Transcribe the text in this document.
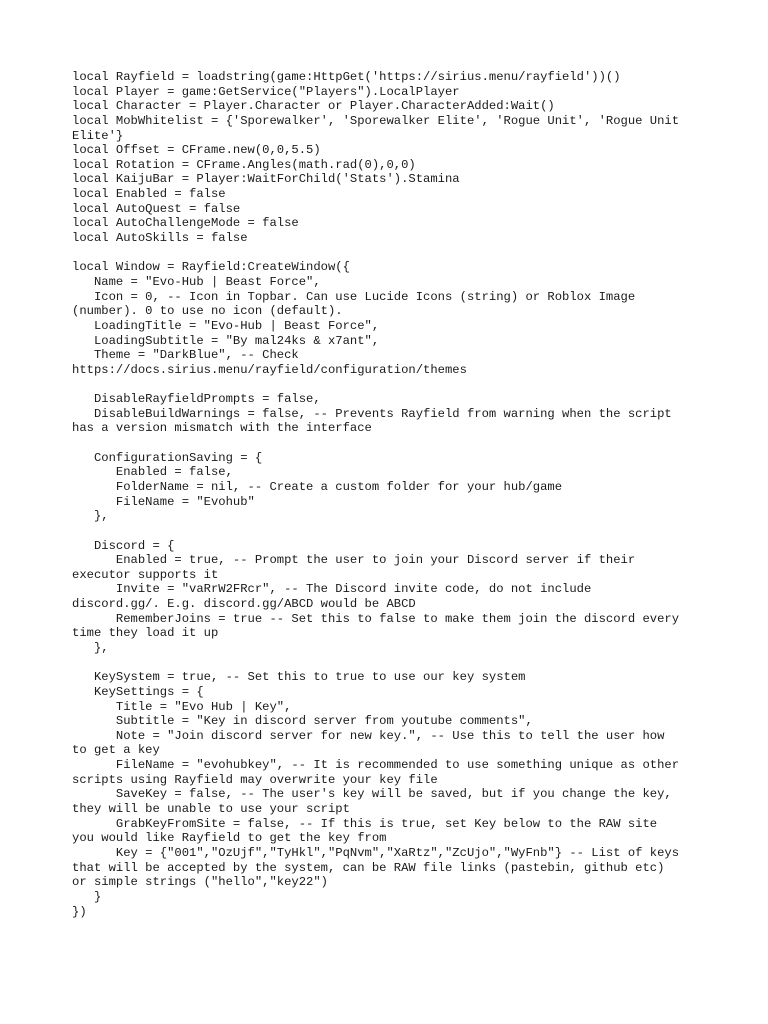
local Rayfield = loadstring(game:HttpGet('https://sirius.menu/rayfield'))()
local Player = game:GetService("Players").LocalPlayer
local Character = Player.Character or Player.CharacterAdded:Wait()
local MobWhitelist = {'Sporewalker', 'Sporewalker Elite', 'Rogue Unit', 'Rogue Unit
Elite'}
local Offset = CFrame.new(0,0,5.5)
local Rotation = CFrame.Angles(math.rad(0),0,0)
local KaijuBar = Player:WaitForChild('Stats').Stamina
local Enabled = false
local AutoQuest = false
local AutoChallengeMode = false
local AutoSkills = false
local Window = Rayfield:CreateWindow({
Name = "Evo-Hub | Beast Force",
Icon = 0, -- Icon in Topbar. Can use Lucide Icons (string) or Roblox Image
(number). 0 to use no icon (default).
LoadingTitle = "Evo-Hub | Beast Force",
LoadingSubtitle = "By mal24ks & x7ant",
Theme = "DarkBlue", -- Check
https://docs.sirius.menu/rayfield/configuration/themes
DisableRayfieldPrompts = false,
DisableBuildWarnings = false, -- Prevents Rayfield from warning when the script
has a version mismatch with the interface
ConfigurationSaving = {
Enabled = false,
FolderName = nil, -- Create a custom folder for your hub/game
FileName = "Evohub"
},
Discord = {
Enabled = true, -- Prompt the user to join your Discord server if their
executor supports it
Invite = "vaRrW2FRcr", -- The Discord invite code, do not include
discord.gg/. E.g. discord.gg/ABCD would be ABCD
RememberJoins = true -- Set this to false to make them join the discord every
time they load it up
},
KeySystem = true, -- Set this to true to use our key system
KeySettings = {
Title = "Evo Hub | Key",
Subtitle = "Key in discord server from youtube comments",
Note = "Join discord server for new key.", -- Use this to tell the user how
to get a key
FileName = "evohubkey", -- It is recommended to use something unique as other
scripts using Rayfield may overwrite your key file
SaveKey = false, -- The user's key will be saved, but if you change the key,
they will be unable to use your script
GrabKeyFromSite = false, -- If this is true, set Key below to the RAW site
you would like Rayfield to get the key from
Key = {"001","OzUjf","TyHkl","PqNvm","XaRtz","ZcUjo","WyFnb"} -- List of keys
that will be accepted by the system, can be RAW file links (pastebin, github etc)
or simple strings ("hello","key22")
}
})
